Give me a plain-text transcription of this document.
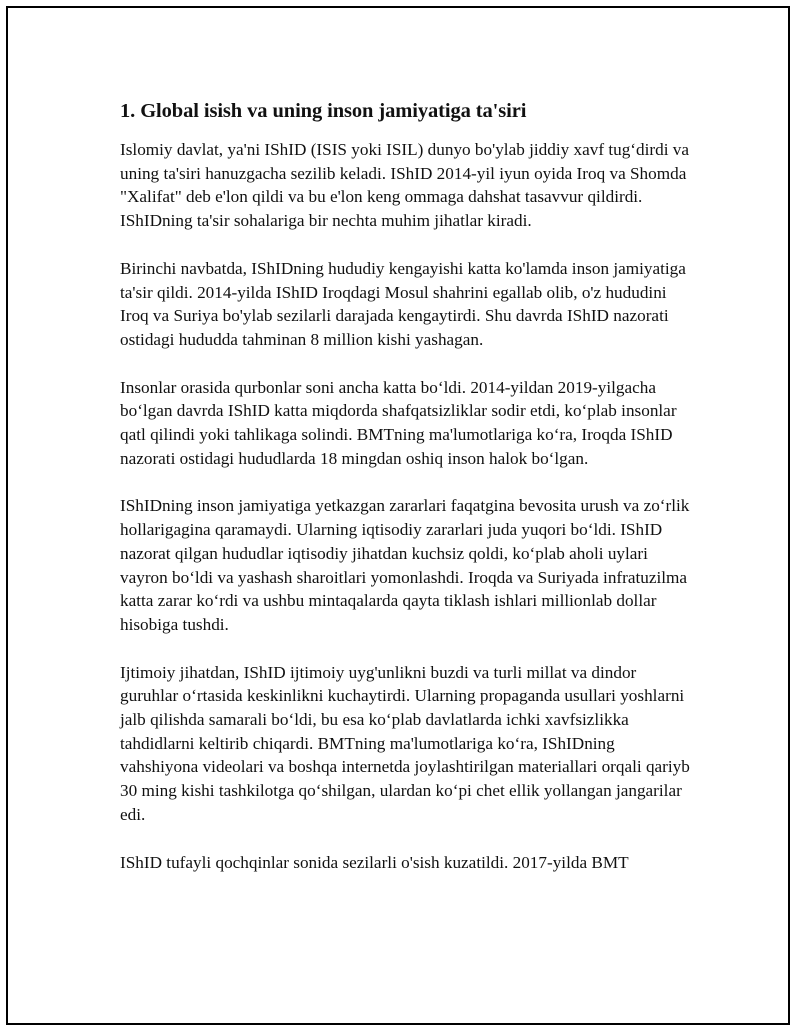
1. Global isish va uning inson jamiyatiga ta'siri

Islomiy davlat, ya'ni IShID (ISIS yoki ISIL) dunyo bo'ylab jiddiy xavf tug‘dirdi va uning ta'siri hanuzgacha sezilib keladi. IShID 2014-yil iyun oyida Iroq va Shomda "Xalifat" deb e'lon qildi va bu e'lon keng ommaga dahshat tasavvur qildirdi. IShIDning ta'sir sohalariga bir nechta muhim jihatlar kiradi.

Birinchi navbatda, IShIDning hududiy kengayishi katta ko'lamda inson jamiyatiga ta'sir qildi. 2014-yilda IShID Iroqdagi Mosul shahrini egallab olib, o'z hududini Iroq va Suriya bo'ylab sezilarli darajada kengaytirdi. Shu davrda IShID nazorati ostidagi hududda tahminan 8 million kishi yashagan.

Insonlar orasida qurbonlar soni ancha katta bo‘ldi. 2014-yildan 2019-yilgacha bo‘lgan davrda IShID katta miqdorda shafqatsizliklar sodir etdi, ko‘plab insonlar qatl qilindi yoki tahlikaga solindi. BMTning ma'lumotlariga ko‘ra, Iroqda IShID nazorati ostidagi hududlarda 18 mingdan oshiq inson halok bo‘lgan.

IShIDning inson jamiyatiga yetkazgan zararlari faqatgina bevosita urush va zo‘rlik hollarigagina qaramaydi. Ularning iqtisodiy zararlari juda yuqori bo‘ldi. IShID nazorat qilgan hududlar iqtisodiy jihatdan kuchsiz qoldi, ko‘plab aholi uylari vayron bo‘ldi va yashash sharoitlari yomonlashdi. Iroqda va Suriyada infratuzilma katta zarar ko‘rdi va ushbu mintaqalarda qayta tiklash ishlari millionlab dollar hisobiga tushdi.

Ijtimoiy jihatdan, IShID ijtimoiy uyg'unlikni buzdi va turli millat va dindor guruhlar o‘rtasida keskinlikni kuchaytirdi. Ularning propaganda usullari yoshlarni jalb qilishda samarali bo‘ldi, bu esa ko‘plab davlatlarda ichki xavfsizlikka tahdidlarni keltirib chiqardi. BMTning ma'lumotlariga ko‘ra, IShIDning vahshiyona videolari va boshqa internetda joylashtirilgan materiallari orqali qariyb 30 ming kishi tashkilotga qo‘shilgan, ulardan ko‘pi chet ellik yollangan jangarilar edi.

IShID tufayli qochqinlar sonida sezilarli o'sish kuzatildi. 2017-yilda BMT
